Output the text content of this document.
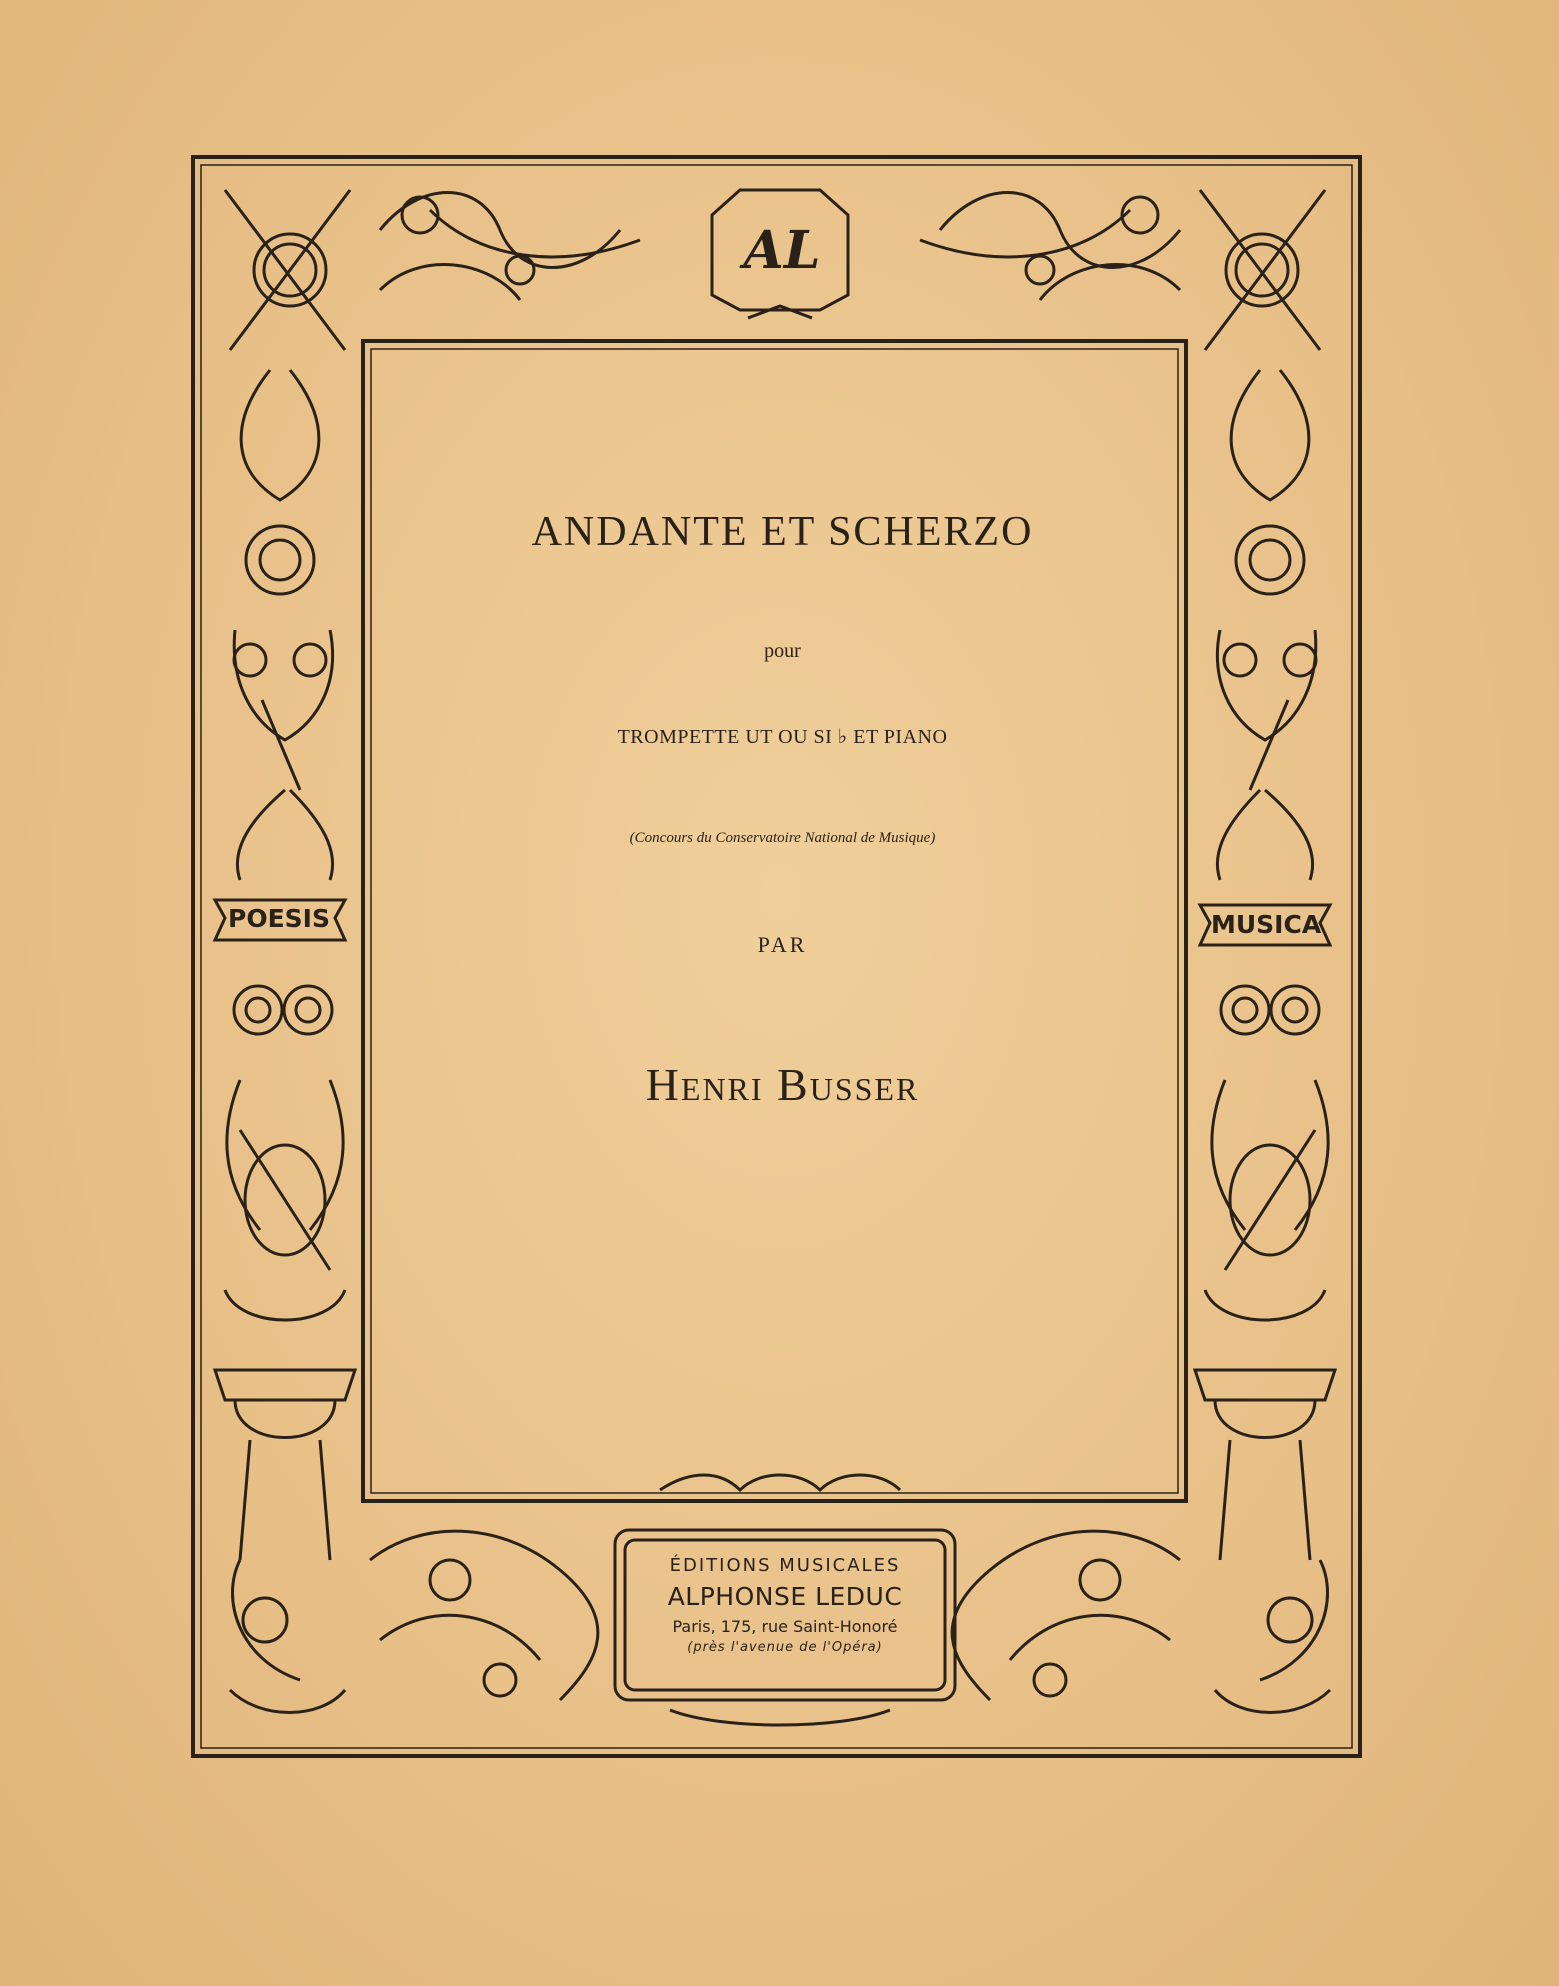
AL
POESIS	MUSICA
ANDANTE ET SCHERZO
pour
TROMPETTE UT OU SI ♭ ET PIANO
(Concours du Conservatoire National de Musique)
PAR
Henri Busser
ÉDITIONS MUSICALES
ALPHONSE LEDUC
Paris, 175, rue Saint-Honoré
(près l'avenue de l'Opéra)
